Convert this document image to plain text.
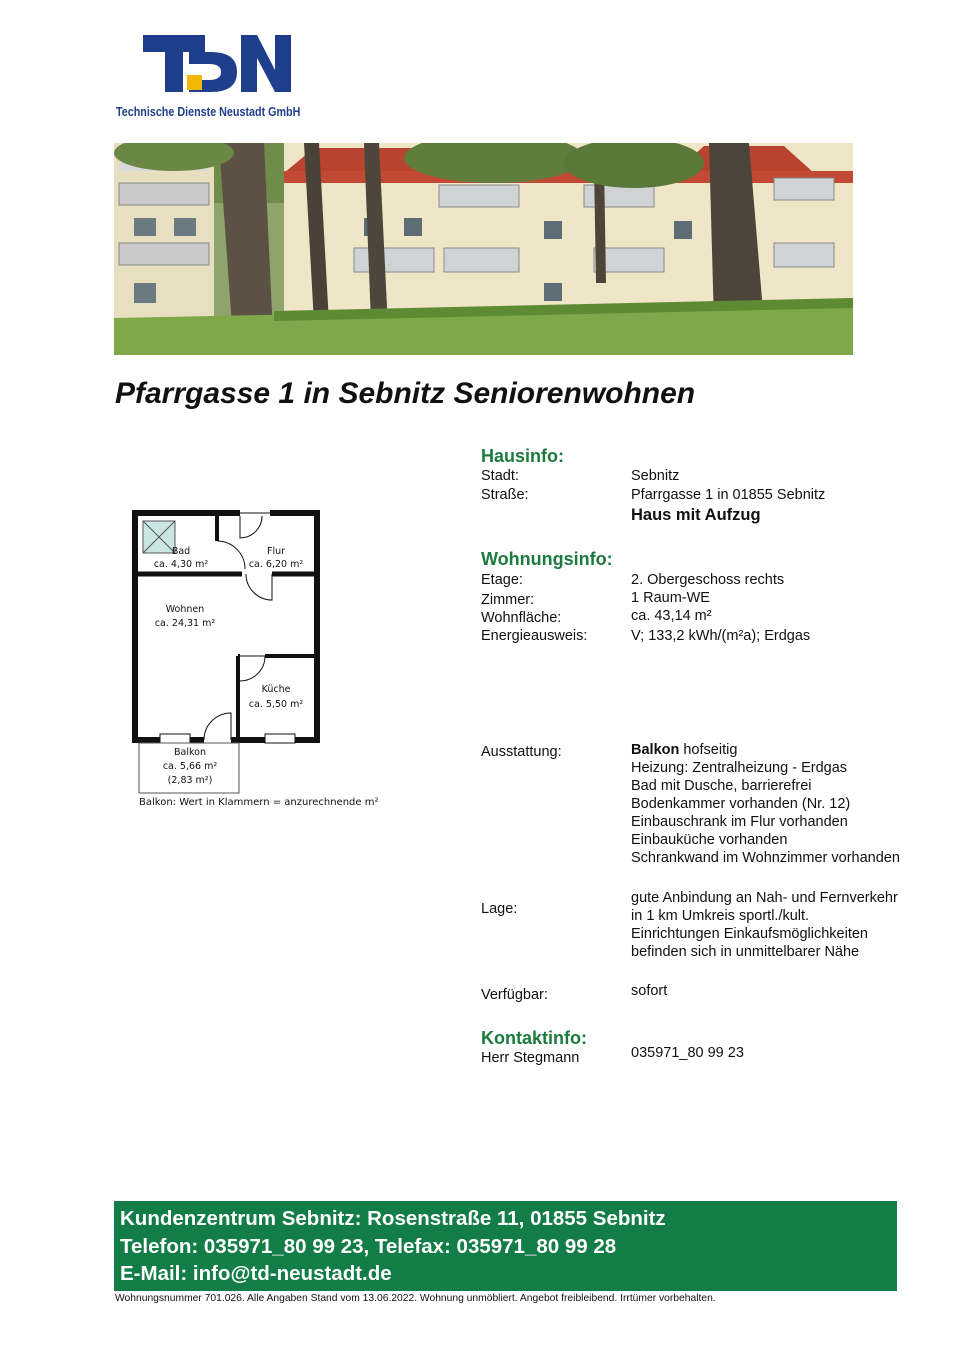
Technische Dienste Neustadt GmbH
Pfarrgasse 1 in Sebnitz Seniorenwohnen
Hausinfo:
Stadt:	Sebnitz
Straße:	Pfarrgasse 1 in 01855 Sebnitz
Haus mit Aufzug
Wohnungsinfo:
Etage:	2. Obergeschoss rechts
Zimmer:	1 Raum-WE
Wohnfläche:	ca. 43,14 m²
Energieausweis:	V; 133,2 kWh/(m²a); Erdgas
Ausstattung:	Balkon hofseitig
Heizung: Zentralheizung - Erdgas
Bad mit Dusche, barrierefrei
Bodenkammer vorhanden (Nr. 12)
Einbauschrank im Flur vorhanden
Einbauküche vorhanden
Schrankwand im Wohnzimmer vorhanden
Lage:
gute Anbindung an Nah- und Fernverkehr
in 1 km Umkreis sportl./kult.
Einrichtungen Einkaufsmöglichkeiten
befinden sich in unmittelbarer Nähe
Verfügbar:	sofort
Kontaktinfo:
Herr Stegmann	035971_80 99 23
Bad
ca. 4,30 m²
Flur
ca. 6,20 m²
Wohnen
ca. 24,31 m²
Küche
ca. 5,50 m²
Balkon
ca. 5,66 m²
(2,83 m²)
Balkon: Wert in Klammern = anzurechnende m²
Kundenzentrum Sebnitz: Rosenstraße 11, 01855 Sebnitz
Telefon: 035971_80 99 23, Telefax: 035971_80 99 28
E-Mail: info@td-neustadt.de
Wohnungsnummer 701.026. Alle Angaben Stand vom 13.06.2022. Wohnung unmöbliert. Angebot freibleibend. Irrtümer vorbehalten.
